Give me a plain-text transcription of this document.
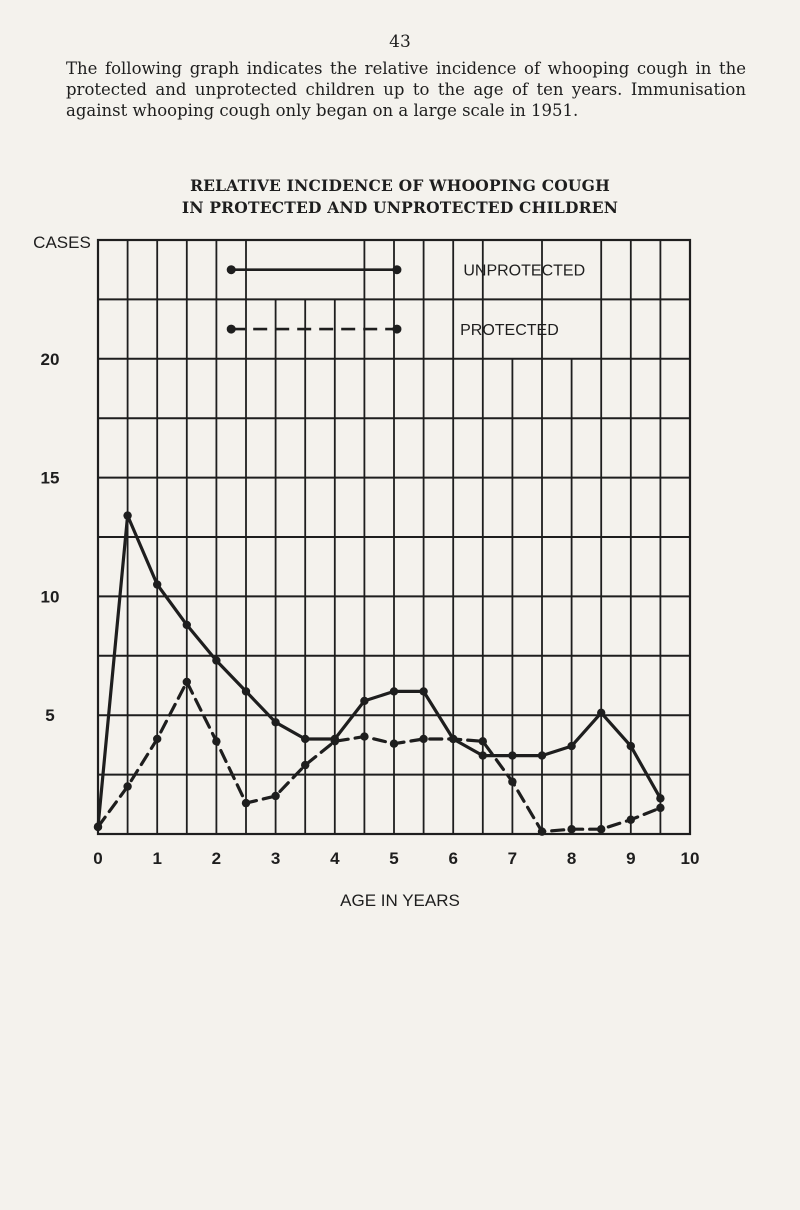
43
The following graph indicates the relative incidence of whooping cough in the protected and unprotected children up to the age of ten years. Immunisation against whooping cough only began on a large scale in 1951.
RELATIVE INCIDENCE OF WHOOPING COUGH
IN PROTECTED AND UNPROTECTED CHILDREN
20
15
10
5
0	1	2	3	4	5	6	7	8	9	10
UNPROTECTED
PROTECTED
CASES
AGE IN YEARS
